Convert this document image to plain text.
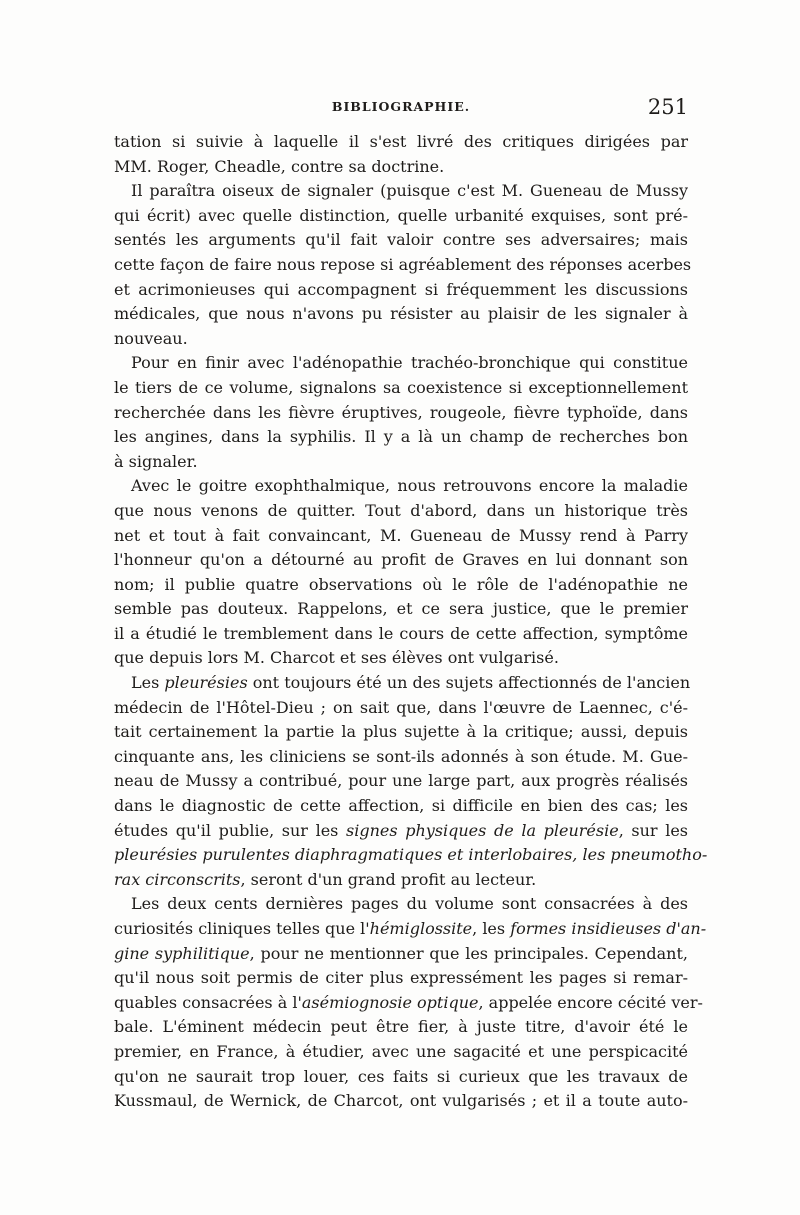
BIBLIOGRAPHIE.	251
tation si suivie à laquelle il s'est livré des critiques dirigées par
MM. Roger, Cheadle, contre sa doctrine.
Il paraîtra oiseux de signaler (puisque c'est M. Gueneau de Mussy
qui écrit) avec quelle distinction, quelle urbanité exquises, sont pré-
sentés les arguments qu'il fait valoir contre ses adversaires; mais
cette façon de faire nous repose si agréablement des réponses acerbes
et acrimonieuses qui accompagnent si fréquemment les discussions
médicales, que nous n'avons pu résister au plaisir de les signaler à
nouveau.
Pour en finir avec l'adénopathie trachéo-bronchique qui constitue
le tiers de ce volume, signalons sa coexistence si exceptionnellement
recherchée dans les fièvre éruptives, rougeole, fièvre typhoïde, dans
les angines, dans la syphilis. Il y a là un champ de recherches bon
à signaler.
Avec le goitre exophthalmique, nous retrouvons encore la maladie
que nous venons de quitter. Tout d'abord, dans un historique très
net et tout à fait convaincant, M. Gueneau de Mussy rend à Parry
l'honneur qu'on a détourné au profit de Graves en lui donnant son
nom; il publie quatre observations où le rôle de l'adénopathie ne
semble pas douteux. Rappelons, et ce sera justice, que le premier
il a étudié le tremblement dans le cours de cette affection, symptôme
que depuis lors M. Charcot et ses élèves ont vulgarisé.
Les pleurésies ont toujours été un des sujets affectionnés de l'ancien
médecin de l'Hôtel-Dieu ; on sait que, dans l'œuvre de Laennec, c'é-
tait certainement la partie la plus sujette à la critique; aussi, depuis
cinquante ans, les cliniciens se sont-ils adonnés à son étude. M. Gue-
neau de Mussy a contribué, pour une large part, aux progrès réalisés
dans le diagnostic de cette affection, si difficile en bien des cas; les
études qu'il publie, sur les signes physiques de la pleurésie, sur les
pleurésies purulentes diaphragmatiques et interlobaires, les pneumotho-
rax circonscrits, seront d'un grand profit au lecteur.
Les deux cents dernières pages du volume sont consacrées à des
curiosités cliniques telles que l'hémiglossite, les formes insidieuses d'an-
gine syphilitique, pour ne mentionner que les principales. Cependant,
qu'il nous soit permis de citer plus expressément les pages si remar-
quables consacrées à l'asémiognosie optique, appelée encore cécité ver-
bale. L'éminent médecin peut être fier, à juste titre, d'avoir été le
premier, en France, à étudier, avec une sagacité et une perspicacité
qu'on ne saurait trop louer, ces faits si curieux que les travaux de
Kussmaul, de Wernick, de Charcot, ont vulgarisés ; et il a toute auto-
